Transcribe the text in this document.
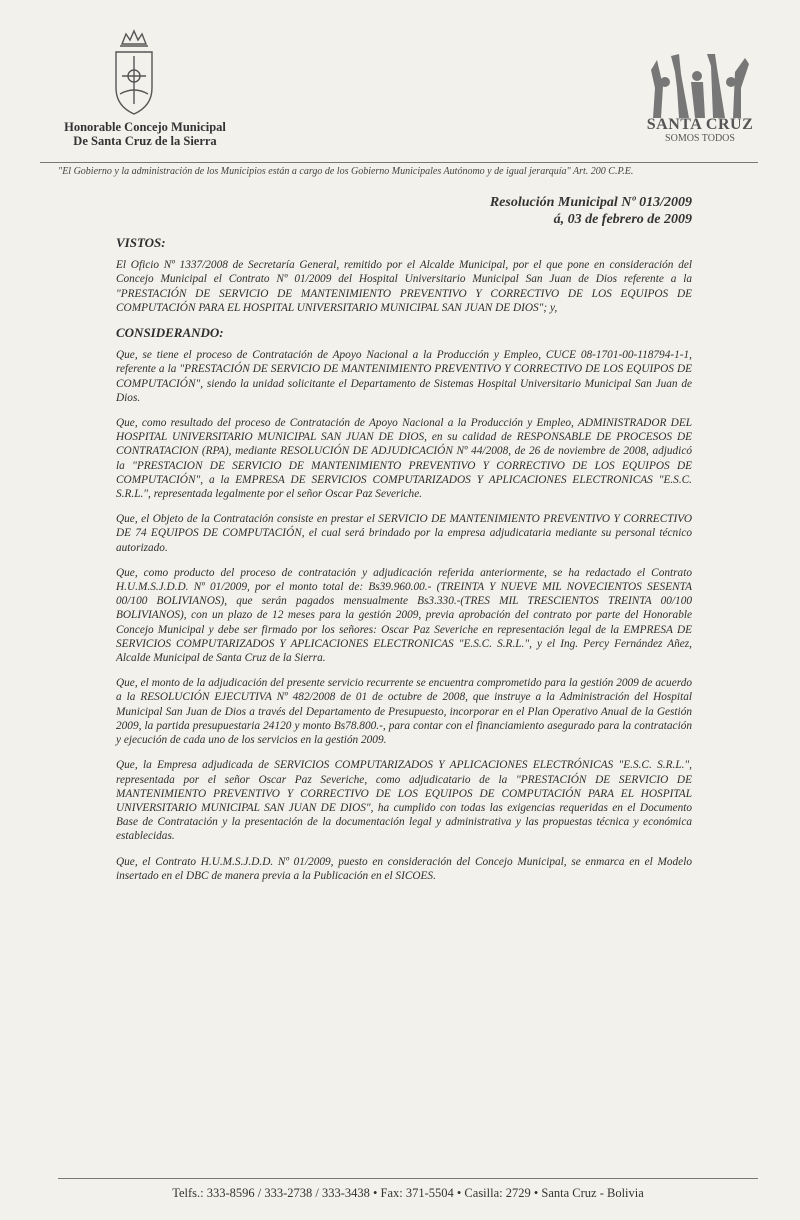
Honorable Concejo Municipal
De Santa Cruz de la Sierra
SANTA CRUZ
SOMOS TODOS
"El Gobierno y la administración de los Municipios están a cargo de los Gobierno Municipales Autónomo y de igual jerarquía" Art. 200 C.P.E.
Resolución Municipal Nº 013/2009
á, 03 de febrero de 2009
VISTOS:

El Oficio Nº 1337/2008 de Secretaría General, remitido por el Alcalde Municipal, por el que pone en consideración del Concejo Municipal el Contrato Nº 01/2009 del Hospital Universitario Municipal San Juan de Dios referente a la "PRESTACIÓN DE SERVICIO DE MANTENIMIENTO PREVENTIVO Y CORRECTIVO DE LOS EQUIPOS DE COMPUTACIÓN PARA EL HOSPITAL UNIVERSITARIO MUNICIPAL SAN JUAN DE DIOS"; y,

CONSIDERANDO:

Que, se tiene el proceso de Contratación de Apoyo Nacional a la Producción y Empleo, CUCE 08-1701-00-118794-1-1, referente a la "PRESTACIÓN DE SERVICIO DE MANTENIMIENTO PREVENTIVO Y CORRECTIVO DE LOS EQUIPOS DE COMPUTACIÓN", siendo la unidad solicitante el Departamento de Sistemas Hospital Universitario Municipal San Juan de Dios.

Que, como resultado del proceso de Contratación de Apoyo Nacional a la Producción y Empleo, ADMINISTRADOR DEL HOSPITAL UNIVERSITARIO MUNICIPAL SAN JUAN DE DIOS, en su calidad de RESPONSABLE DE PROCESOS DE CONTRATACION (RPA), mediante RESOLUCIÓN DE ADJUDICACIÓN Nº 44/2008, de 26 de noviembre de 2008, adjudicó la "PRESTACION DE SERVICIO DE MANTENIMIENTO PREVENTIVO Y CORRECTIVO DE LOS EQUIPOS DE COMPUTACIÓN", a la EMPRESA DE SERVICIOS COMPUTARIZADOS Y APLICACIONES ELECTRONICAS "E.S.C. S.R.L.", representada legalmente por el señor Oscar Paz Severiche.

Que, el Objeto de la Contratación consiste en prestar el SERVICIO DE MANTENIMIENTO PREVENTIVO Y CORRECTIVO DE 74 EQUIPOS DE COMPUTACIÓN, el cual será brindado por la empresa adjudicataria mediante su personal técnico autorizado.

Que, como producto del proceso de contratación y adjudicación referida anteriormente, se ha redactado el Contrato H.U.M.S.J.D.D. Nº 01/2009, por el monto total de: Bs39.960.00.- (TREINTA Y NUEVE MIL NOVECIENTOS SESENTA 00/100 BOLIVIANOS), que serán pagados mensualmente Bs3.330.-(TRES MIL TRESCIENTOS TREINTA 00/100 BOLIVIANOS), con un plazo de 12 meses para la gestión 2009, previa aprobación del contrato por parte del Honorable Concejo Municipal y debe ser firmado por los señores: Oscar Paz Severiche en representación legal de la EMPRESA DE SERVICIOS COMPUTARIZADOS Y APLICACIONES ELECTRONICAS "E.S.C. S.R.L.", y el Ing. Percy Fernández Añez, Alcalde Municipal de Santa Cruz de la Sierra.

Que, el monto de la adjudicación del presente servicio recurrente se encuentra comprometido para la gestión 2009 de acuerdo a la RESOLUCIÓN EJECUTIVA Nº 482/2008 de 01 de octubre de 2008, que instruye a la Administración del Hospital Municipal San Juan de Dios a través del Departamento de Presupuesto, incorporar en el Plan Operativo Anual de la Gestión 2009, la partida presupuestaria 24120 y monto Bs78.800.-, para contar con el financiamiento asegurado para la contratación y ejecución de cada uno de los servicios en la gestión 2009.

Que, la Empresa adjudicada de SERVICIOS COMPUTARIZADOS Y APLICACIONES ELECTRÓNICAS "E.S.C. S.R.L.", representada por el señor Oscar Paz Severiche, como adjudicatario de la "PRESTACIÓN DE SERVICIO DE MANTENIMIENTO PREVENTIVO Y CORRECTIVO DE LOS EQUIPOS DE COMPUTACIÓN PARA EL HOSPITAL UNIVERSITARIO MUNICIPAL SAN JUAN DE DIOS", ha cumplido con todas las exigencias requeridas en el Documento Base de Contratación y la presentación de la documentación legal y administrativa y las propuestas técnica y económica establecidas.

Que, el Contrato H.U.M.S.J.D.D. Nº 01/2009, puesto en consideración del Concejo Municipal, se enmarca en el Modelo insertado en el DBC de manera previa a la Publicación en el SICOES.

Telfs.: 333-8596 / 333-2738 / 333-3438 • Fax: 371-5504 • Casilla: 2729 • Santa Cruz - Bolivia
